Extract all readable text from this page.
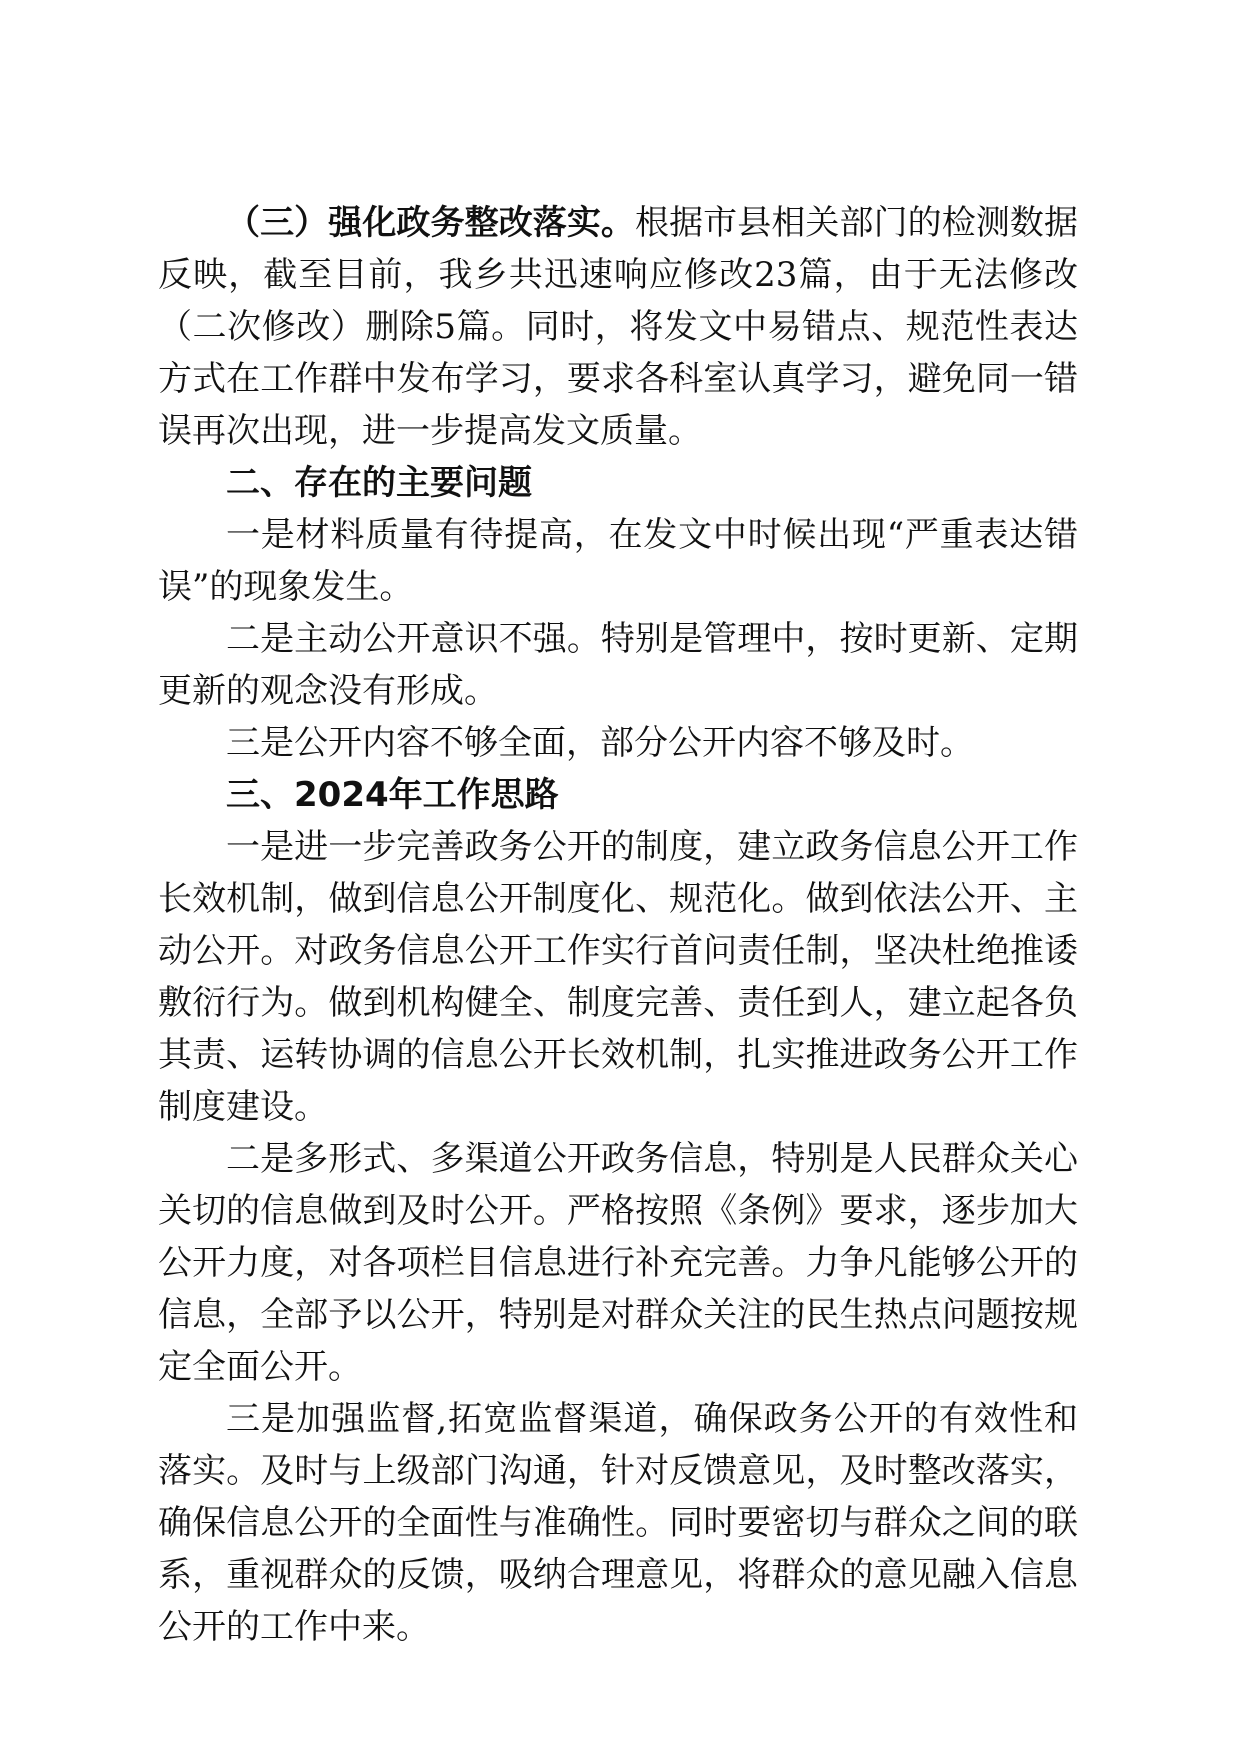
（三）强化政务整改落实。根据市县相关部门的检测数据反映，截至目前，我乡共迅速响应修改23篇，由于无法修改（二次修改）删除5篇。同时，将发文中易错点、规范性表达方式在工作群中发布学习，要求各科室认真学习，避免同一错误再次出现，进一步提高发文质量。

二、存在的主要问题

一是材料质量有待提高，在发文中时候出现“严重表达错误”的现象发生。

二是主动公开意识不强。特别是管理中，按时更新、定期更新的观念没有形成。

三是公开内容不够全面，部分公开内容不够及时。

三、2024年工作思路

一是进一步完善政务公开的制度，建立政务信息公开工作长效机制，做到信息公开制度化、规范化。做到依法公开、主动公开。对政务信息公开工作实行首问责任制，坚决杜绝推诿敷衍行为。做到机构健全、制度完善、责任到人，建立起各负其责、运转协调的信息公开长效机制，扎实推进政务公开工作制度建设。

二是多形式、多渠道公开政务信息，特别是人民群众关心关切的信息做到及时公开。严格按照《条例》要求，逐步加大公开力度，对各项栏目信息进行补充完善。力争凡能够公开的信息，全部予以公开，特别是对群众关注的民生热点问题按规定全面公开。

三是加强监督,拓宽监督渠道，确保政务公开的有效性和落实。及时与上级部门沟通，针对反馈意见，及时整改落实，确保信息公开的全面性与准确性。同时要密切与群众之间的联系，重视群众的反馈，吸纳合理意见，将群众的意见融入信息公开的工作中来。
